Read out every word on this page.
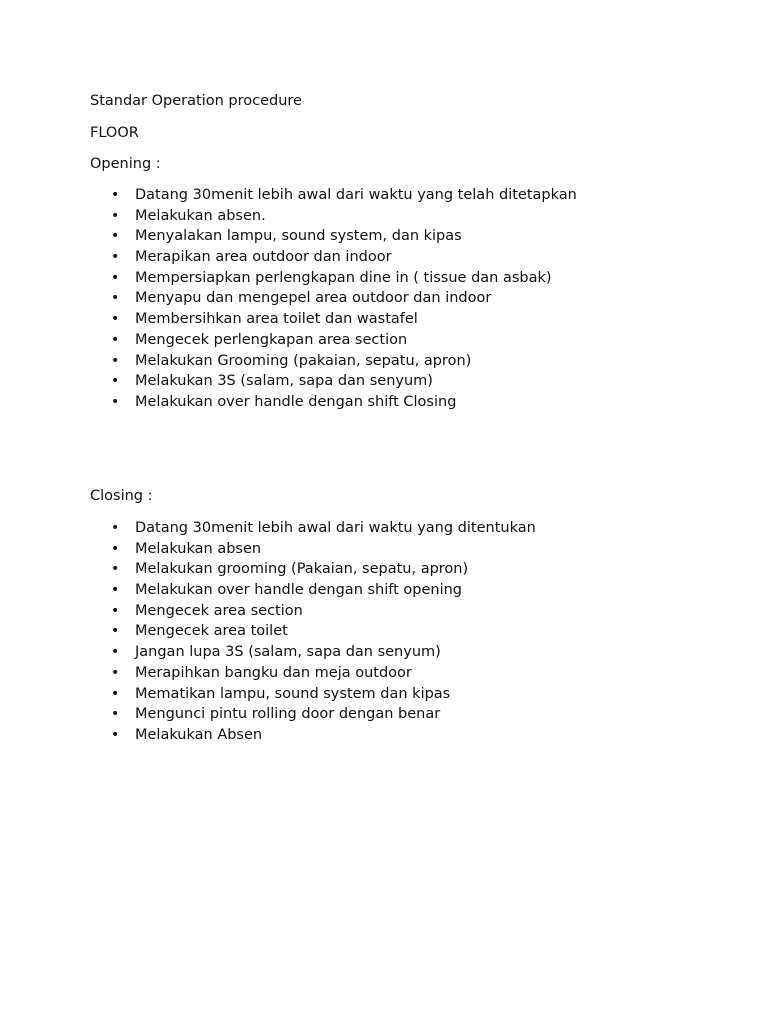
Standar Operation procedure

FLOOR

Opening :

• Datang 30menit lebih awal dari waktu yang telah ditetapkan
• Melakukan absen.
• Menyalakan lampu, sound system, dan kipas
• Merapikan area outdoor dan indoor
• Mempersiapkan perlengkapan dine in ( tissue dan asbak)
• Menyapu dan mengepel area outdoor dan indoor
• Membersihkan area toilet dan wastafel
• Mengecek perlengkapan area section
• Melakukan Grooming (pakaian, sepatu, apron)
• Melakukan 3S (salam, sapa dan senyum)
• Melakukan over handle dengan shift Closing

Closing :

• Datang 30menit lebih awal dari waktu yang ditentukan
• Melakukan absen
• Melakukan grooming (Pakaian, sepatu, apron)
• Melakukan over handle dengan shift opening
• Mengecek area section
• Mengecek area toilet
• Jangan lupa 3S (salam, sapa dan senyum)
• Merapihkan bangku dan meja outdoor
• Mematikan lampu, sound system dan kipas
• Mengunci pintu rolling door dengan benar
• Melakukan Absen
